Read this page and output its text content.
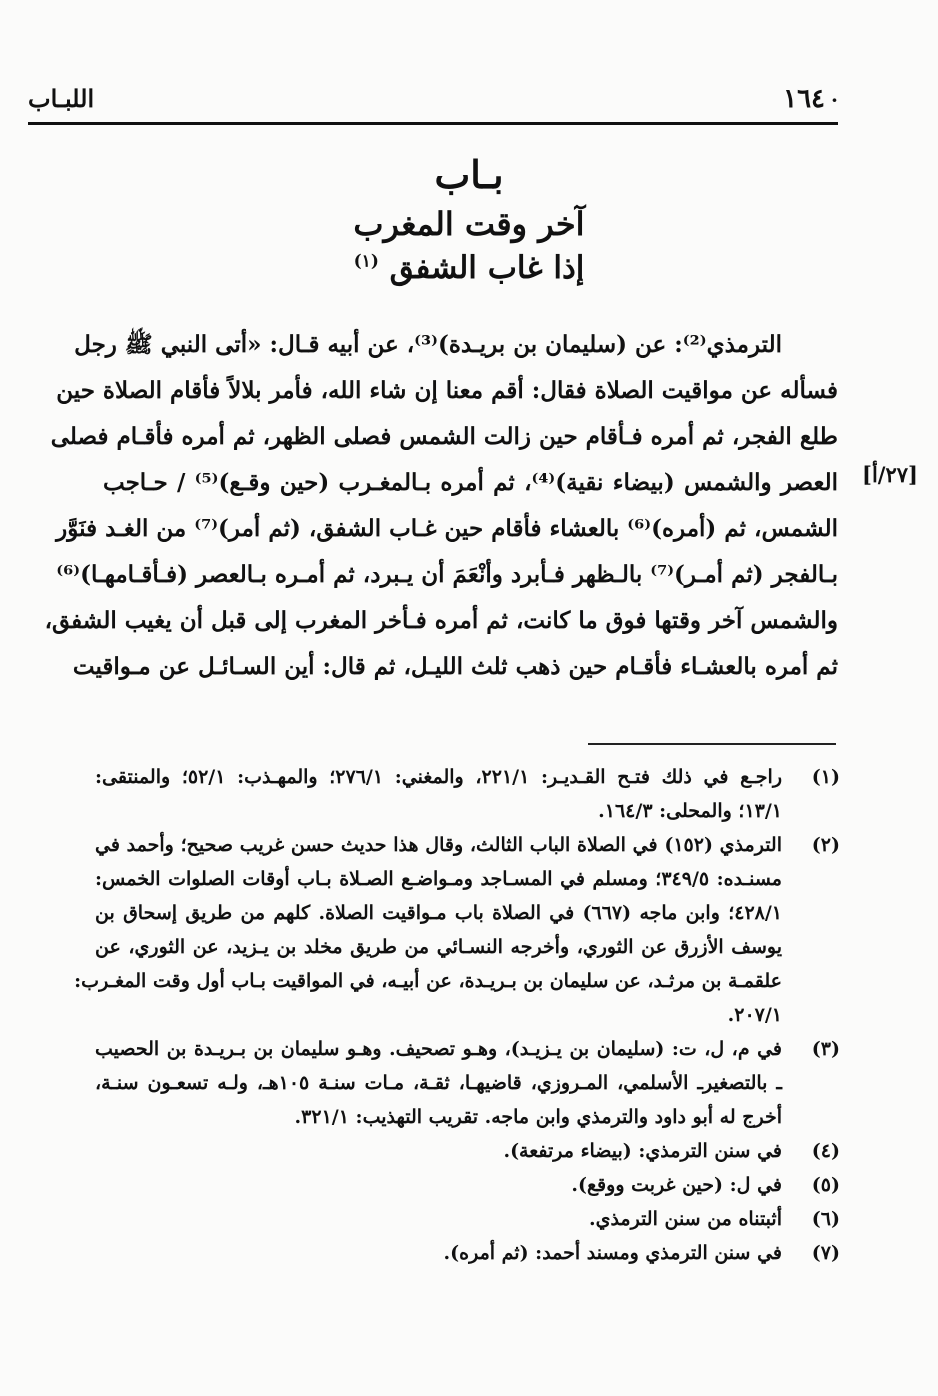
اللبـاب	١٦٤ ·
بـاب
آخر وقت المغرب
إذا غاب الشفق $^{(١)}$
الترمذي⁽²⁾: عن (سليمان بن بريـدة)⁽³⁾، عن أبيه قـال: «أتى النبي ﷺ رجل
فسأله عن مواقيت الصلاة فقال: أقم معنا إن شاء الله، فأمر بلالاً فأقام الصلاة حين
طلع الفجر، ثم أمره فـأقام حين زالت الشمس فصلى الظهر، ثم أمره فأقـام فصلى
العصر والشمس (بيضاء نقية)⁽⁴⁾، ثم أمره بـالمغـرب (حين وقـع)⁽⁵⁾ / حـاجب
الشمس، ثم (أمره)⁽⁶⁾ بالعشاء فأقام حين غـاب الشفق، (ثم أمر)⁽⁷⁾ من الغـد فنَوَّر
بـالفجر (ثم أمـر)⁽⁷⁾ بالـظهر فـأبرد وأنْعَمَ أن يـبرد، ثم أمـره بـالعصر (فـأقـامهـا)⁽⁶⁾
والشمس آخر وقتها فوق ما كانت، ثم أمره فـأخر المغرب إلى قبل أن يغيب الشفق،
ثم أمره بالعشـاء فأقـام حين ذهب ثلث الليـل، ثم قال: أين السـائـل عن مـواقيت
[٢٧/أ]
(١)
راجـع في ذلك فتـح القـديـر: ٢٢١/١، والمغني: ٢٧٦/١؛ والمهـذب: ٥٢/١؛ والمنتقى:
١٣/١؛ والمحلى: ١٦٤/٣.
(٢)
الترمذي (١٥٢) في الصلاة الباب الثالث، وقال هذا حديث حسن غريب صحيح؛ وأحمد في
مسنـده: ٣٤٩/٥؛ ومسلم في المسـاجد ومـواضـع الصـلاة بـاب أوقات الصلوات الخمس:
٤٢٨/١؛ وابن ماجه (٦٦٧) في الصلاة باب مـواقيت الصلاة. كلهم من طريق إسحاق بن
يوسف الأزرق عن الثوري، وأخرجه النسـائي من طريق مخلد بن يـزيد، عن الثوري، عن
علقمـة بن مرثـد، عن سليمان بن بـريـدة، عن أبيـه، في المواقيت بـاب أول وقت المغـرب:
٢٠٧/١.
(٣)
في م، ل، ت: (سليمان بن يـزيـد)، وهـو تصحيف. وهـو سليمان بن بـريـدة بن الحصيب
ـ بالتصغيرـ الأسلمي، المـروزي، قاضيهـا، ثقـة، مـات سنـة ١٠٥هـ، ولـه تسعـون سنـة،
أخرج له أبو داود والترمذي وابن ماجه. تقريب التهذيب: ٣٢١/١.
(٤)
في سنن الترمذي: (بيضاء مرتفعة).
(٥)
في ل: (حين غربت ووقع).
(٦)
أثبتناه من سنن الترمذي.
(٧)
في سنن الترمذي ومسند أحمد: (ثم أمره).
